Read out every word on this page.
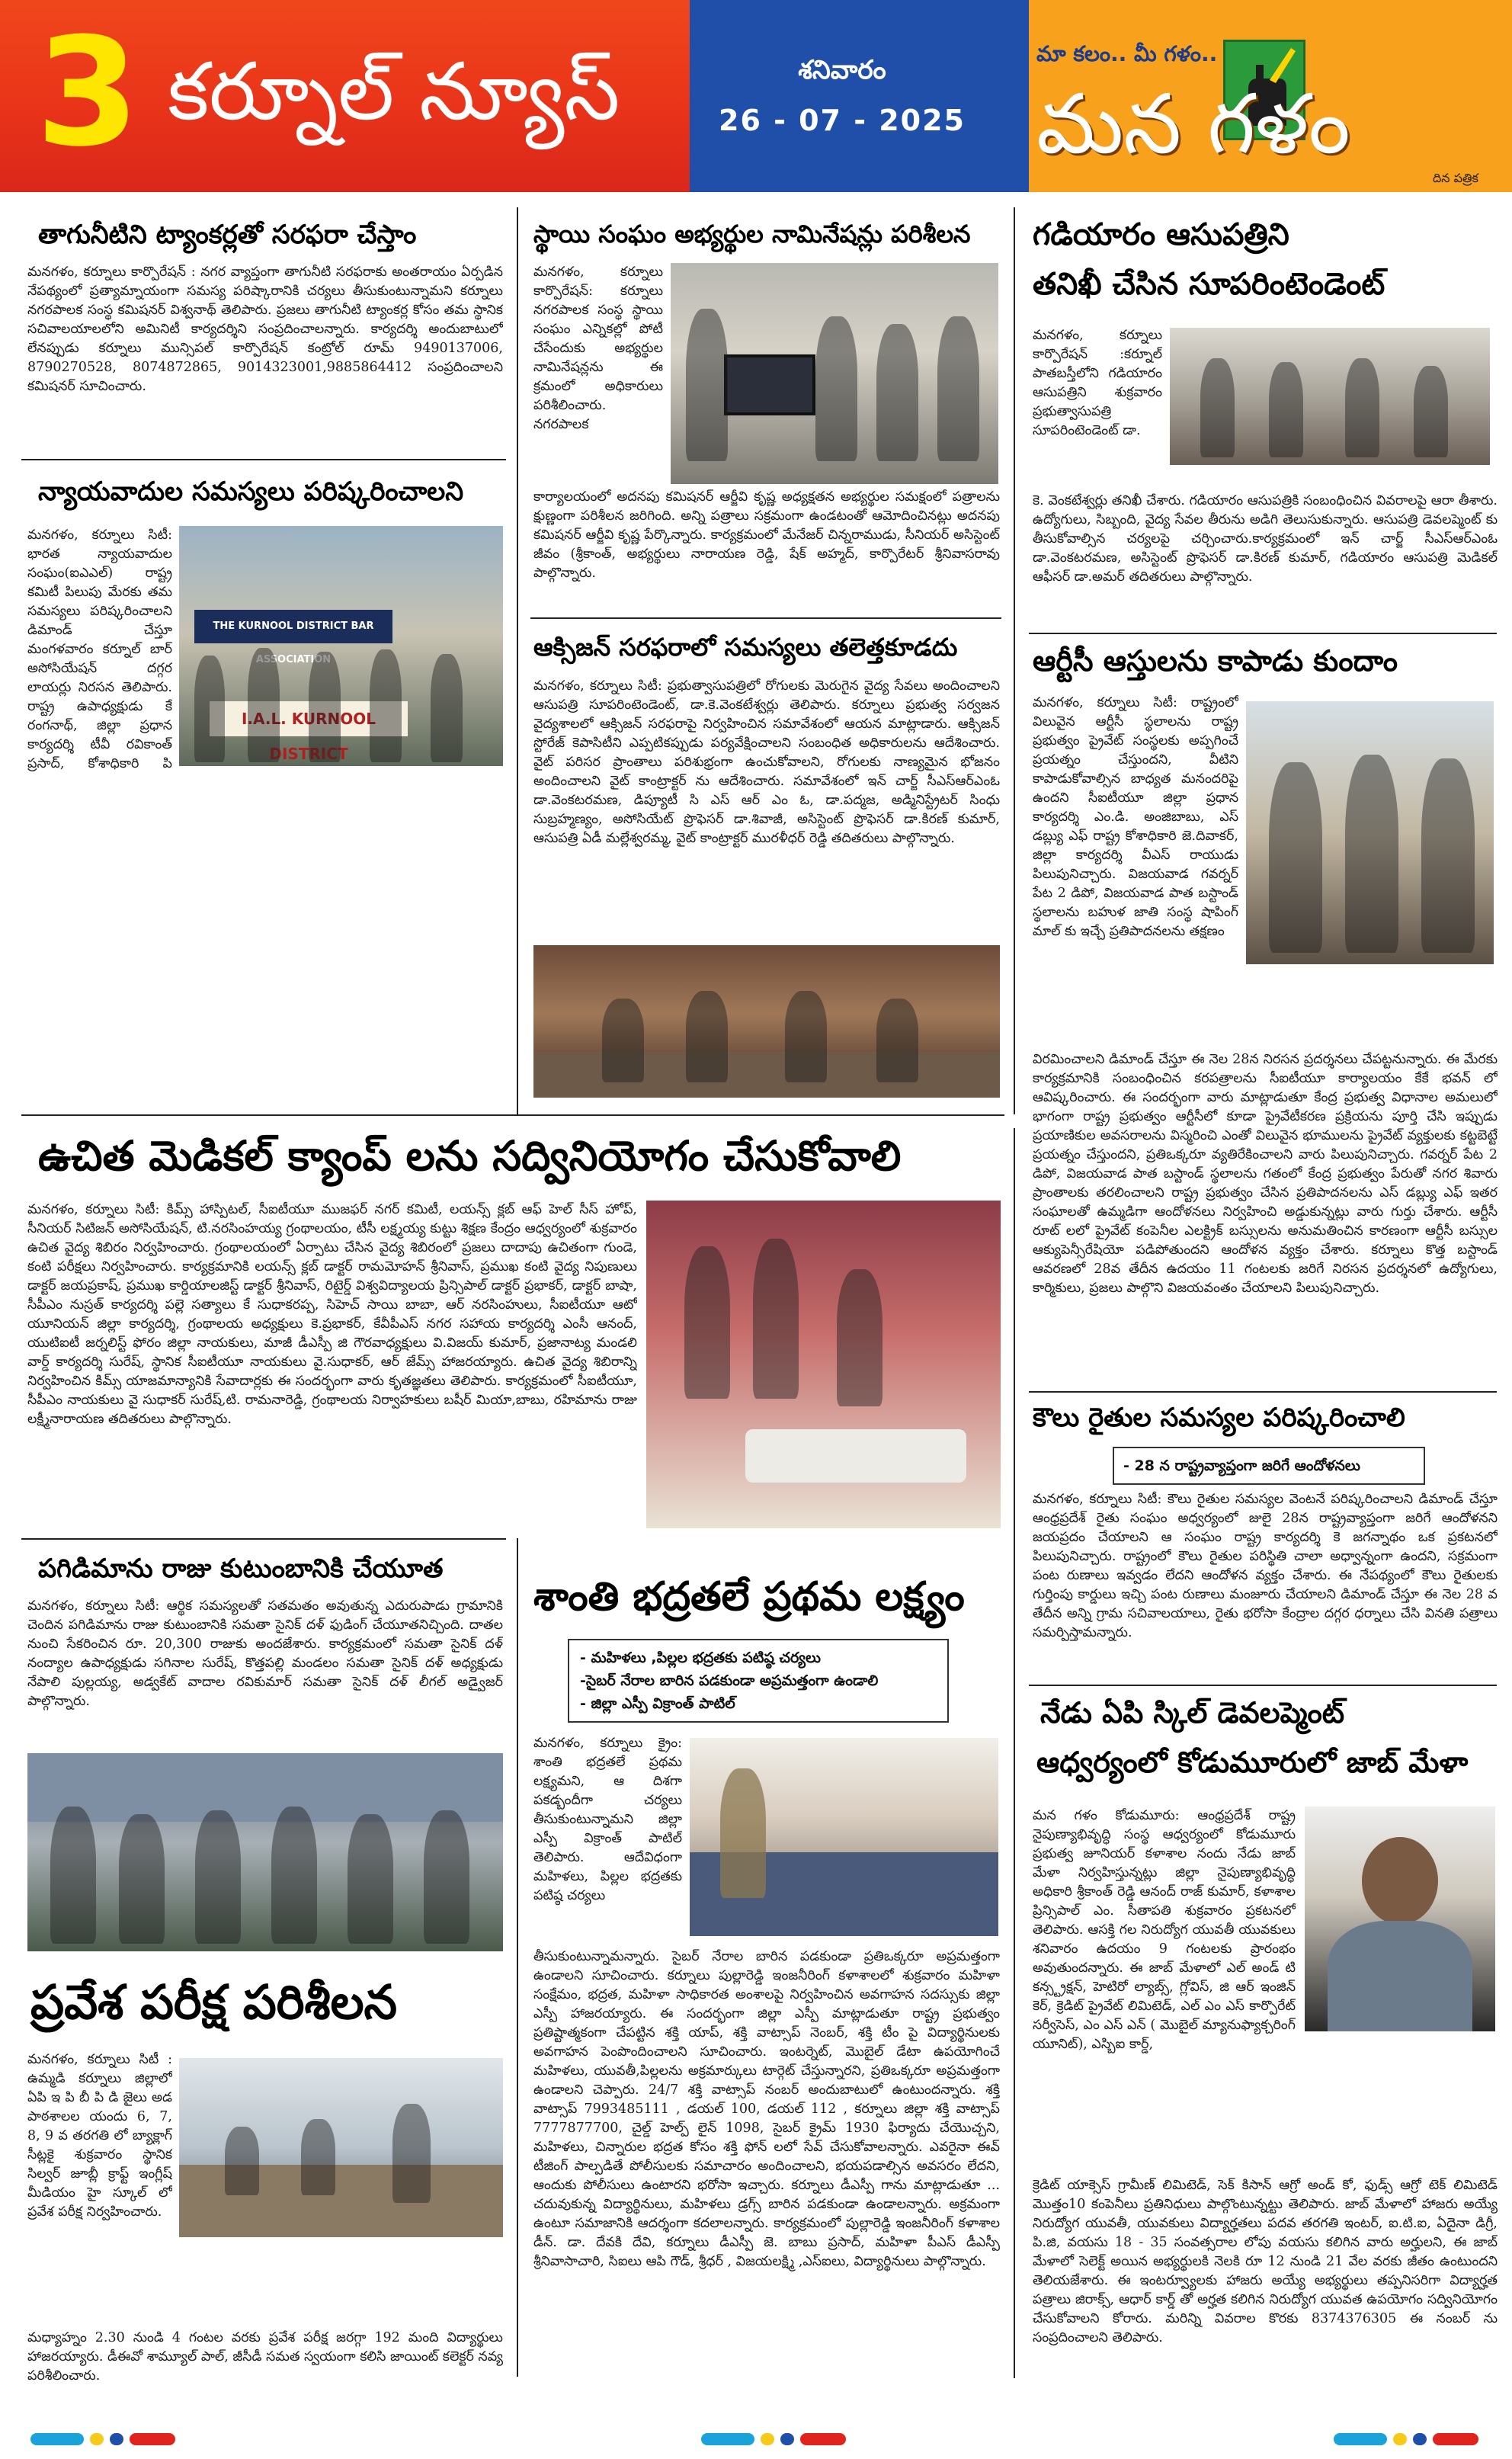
3 కర్నూల్ న్యూస్	శనివారం
26 - 07 - 2025
మా కలం.. మీ గళం..
మన గళం
దిన పత్రిక
తాగునీటిని ట్యాంకర్లతో సరఫరా చేస్తాం
మనగళం, కర్నూలు కార్పొరేషన్ : నగర వ్యాప్తంగా తాగునీటి సరఫరాకు అంతరాయం ఏర్పడిన నేపథ్యంలో ప్రత్యామ్నాయంగా సమస్య పరిష్కారానికి చర్యలు తీసుకుంటున్నామని కర్నూలు నగరపాలక సంస్థ కమిషనర్ విశ్వనాథ్ తెలిపారు. ప్రజలు తాగునీటి ట్యాంకర్ల కోసం తమ స్థానిక సచివాలయాలలోని అమినిటీ కార్యదర్శిని సంప్రదించాలన్నారు. కార్యదర్శి అందుబాటులో లేనప్పుడు కర్నూలు మున్సిపల్ కార్పొరేషన్ కంట్రోల్ రూమ్ 9490137006, 8790270528, 8074872865, 9014323001,9885864412 సంప్రదించాలని కమిషనర్ సూచించారు.
న్యాయవాదుల సమస్యలు పరిష్కరించాలని
మనగళం, కర్నూలు సిటీ: భారత న్యాయవాదుల సంఘం(ఐఎఎల్) రాష్ట్ర కమిటీ పిలుపు మేరకు తమ సమస్యలు పరిష్కరించాలని డిమాండ్ చేస్తూ మంగళవారం కర్నూల్ బార్ అసోసియేషన్ దగ్గర లాయర్లు నిరసన తెలిపారు. రాష్ట్ర ఉపాధ్యక్షుడు కే రంగనాథ్, జిల్లా ప్రధాన కార్యదర్శి టీవీ రవికాంత్ ప్రసాద్, కోశాధికారి పి
THE KURNOOL DISTRICT BAR ASSOCIATION
I.A.L. KURNOOL DISTRICT
స్థాయి సంఘం అభ్యర్థుల నామినేషన్లు పరిశీలన
మనగళం, కర్నూలు కార్పొరేషన్: కర్నూలు నగరపాలక సంస్థ స్థాయి సంఘం ఎన్నికల్లో పోటీ చేసేందుకు అభ్యర్థుల నామినేషన్లను ఈ క్రమంలో అధికారులు పరిశీలించారు. నగరపాలక
కార్యాలయంలో అదనపు కమిషనర్ ఆర్జీవి కృష్ణ అధ్యక్షతన అభ్యర్థుల సమక్షంలో పత్రాలను క్షుణ్ణంగా పరిశీలన జరిగింది. అన్ని పత్రాలు సక్రమంగా ఉండటంతో ఆమోదించినట్లు అదనపు కమిషనర్ ఆర్జీవి కృష్ణ పేర్కొన్నారు. కార్యక్రమంలో మేనేజర్ చిన్నరాముడు, సీనియర్ అసిస్టెంట్ జీవం (శ్రీకాంత్, అభ్యర్థులు నారాయణ రెడ్డి, షేక్ అహ్మద్, కార్పొరేటర్ శ్రీనివాసరావు పాల్గొన్నారు.
ఆక్సిజన్ సరఫరాలో సమస్యలు తలెత్తకూడదు
మనగళం, కర్నూలు సిటీ: ప్రభుత్వాసుపత్రిలో రోగులకు మెరుగైన వైద్య సేవలు అందించాలని ఆసుపత్రి సూపరింటెండెంట్, డా.కె.వెంకటేశ్వర్లు తెలిపారు. కర్నూలు ప్రభుత్వ సర్వజన వైద్యశాలలో ఆక్సిజన్ సరఫరాపై నిర్వహించిన సమావేశంలో ఆయన మాట్లాడారు. ఆక్సిజన్ స్టోరేజ్ కెపాసిటీని ఎప్పటికప్పుడు పర్యవేక్షించాలని సంబంధిత అధికారులను ఆదేశించారు. వైట్ పరిసర ప్రాంతాలు పరిశుభ్రంగా ఉంచుకోవాలని, రోగులకు నాణ్యమైన భోజనం అందించాలని వైట్ కాంట్రాక్టర్ ను ఆదేశించారు. సమావేశంలో ఇన్ చార్జ్ సీఎస్ఆర్ఎంఓ డా.వెంకటరమణ, డిప్యూటీ సి ఎస్ ఆర్ ఎం ఓ, డా.పద్మజ, అడ్మినిస్ట్రేటర్ సింధు సుబ్రహ్మణ్యం, అసోసియేట్ ప్రొఫెసర్ డా.శివాజీ, అసిస్టెంట్ ప్రొఫెసర్ డా.కిరణ్ కుమార్, ఆసుపత్రి ఏడీ మల్లేశ్వరమ్మ, వైట్ కాంట్రాక్టర్ మురళీధర్ రెడ్డి తదితరులు పాల్గొన్నారు.
గడియారం ఆసుపత్రిని
తనిఖీ చేసిన సూపరింటెండెంట్
మనగళం, కర్నూలు కార్పొరేషన్ :కర్నూల్ పాతబస్తీలోని గడియారం ఆసుపత్రిని శుక్రవారం ప్రభుత్వాసుపత్రి సూపరింటెండెంట్ డా.
కె. వెంకటేశ్వర్లు తనిఖీ చేశారు. గడియారం ఆసుపత్రికి సంబంధించిన వివరాలపై ఆరా తీశారు. ఉద్యోగులు, సిబ్బంది, వైద్య సేవల తీరును అడిగి తెలుసుకున్నారు. ఆసుపత్రి డెవలప్మెంట్ కు తీసుకోవాల్సిన చర్యలపై చర్చించారు.కార్యక్రమంలో ఇన్ చార్జ్ సీఎస్ఆర్ఎంఓ డా.వెంకటరమణ, అసిస్టెంట్ ప్రొఫెసర్ డా.కిరణ్ కుమార్, గడియారం ఆసుపత్రి మెడికల్ ఆఫీసర్ డా.అమర్ తదితరులు పాల్గొన్నారు.
ఆర్టీసీ ఆస్తులను కాపాడు కుందాం
మనగళం, కర్నూలు సిటీ: రాష్ట్రంలో విలువైన ఆర్టీసీ స్థలాలను రాష్ట్ర ప్రభుత్వం ప్రైవేట్ సంస్థలకు అప్పగించే ప్రయత్నం చేస్తుందని, వీటిని కాపాడుకోవాల్సిన బాధ్యత మనందరిపై ఉందని సీఐటీయూ జిల్లా ప్రధాన కార్యదర్శి ఎం.డి. అంజిబాబు, ఎస్ డబ్ల్యు ఎఫ్ రాష్ట్ర కోశాధికారి జె.దివాకర్, జిల్లా కార్యదర్శి వీఎస్ రాయుడు పిలుపునిచ్చారు. విజయవాడ గవర్నర్ పేట 2 డిపో, విజయవాడ పాత బస్టాండ్ స్థలాలను బహుళ జాతి సంస్థ షాపింగ్ మాల్ కు ఇచ్చే ప్రతిపాదనలను తక్షణం
విరమించాలని డిమాండ్ చేస్తూ ఈ నెల 28న నిరసన ప్రదర్శనలు చేపట్టనున్నారు. ఈ మేరకు కార్యక్రమానికి సంబంధించిన కరపత్రాలను సీఐటీయూ కార్యాలయం కేకే భవన్ లో ఆవిష్కరించారు. ఈ సందర్భంగా వారు మాట్లాడుతూ కేంద్ర ప్రభుత్వ విధానాల అమలులో భాగంగా రాష్ట్ర ప్రభుత్వం ఆర్టీసీలో కూడా ప్రైవేటీకరణ ప్రక్రియను పూర్తి చేసి ఇప్పుడు ప్రయాణికుల అవసరాలను విస్మరించి ఎంతో విలువైన భూములను ప్రైవేట్ వ్యక్తులకు కట్టబెట్టే ప్రయత్నం చేస్తుందని, ప్రతిఒక్కరూ వ్యతిరేకించాలని వారు పిలుపునిచ్చారు. గవర్నర్ పేట 2 డిపో, విజయవాడ పాత బస్టాండ్ స్థలాలను గతంలో కేంద్ర ప్రభుత్వం పేరుతో నగర శివారు ప్రాంతాలకు తరలించాలని రాష్ట్ర ప్రభుత్వం చేసిన ప్రతిపాదనలను ఎస్ డబ్ల్యు ఎఫ్ ఇతర సంఘాలతో ఉమ్మడిగా ఆందోళనలు నిర్వహించి అడ్డుకున్నట్లు వారు గుర్తు చేశారు. ఆర్టీసీ రూట్ లలో ప్రైవేట్ కంపెనీల ఎలక్ట్రిక్ బస్సులను అనుమతించిన కారణంగా ఆర్టీసీ బస్సుల ఆక్యుపెన్సీరేషియో పడిపోతుందని ఆందోళన వ్యక్తం చేశారు. కర్నూలు కొత్త బస్టాండ్ ఆవరణలో 28వ తేదీన ఉదయం 11 గంటలకు జరిగే నిరసన ప్రదర్శనలో ఉద్యోగులు, కార్మికులు, ప్రజలు పాల్గొని విజయవంతం చేయాలని పిలుపునిచ్చారు.
ఉచిత మెడికల్ క్యాంప్ లను సద్వినియోగం చేసుకోవాలి
మనగళం, కర్నూలు సిటీ: కిమ్స్ హాస్పిటల్, సీఐటీయూ ముజఫర్ నగర్ కమిటీ, లయన్స్ క్లబ్ ఆఫ్ హెల్ సీస్ హోప్, సీనియర్ సిటిజన్ అసోసియేషన్, టి.నరసింహయ్య గ్రంథాలయం, టీసీ లక్ష్మయ్య కుట్టు శిక్షణ కేంద్రం ఆధ్వర్యంలో శుక్రవారం ఉచిత వైద్య శిబిరం నిర్వహించారు. గ్రంథాలయంలో ఏర్పాటు చేసిన వైద్య శిబిరంలో ప్రజలు దాదాపు ఉచితంగా గుండె, కంటి పరీక్షలు నిర్వహించారు. కార్యక్రమానికి లయన్స్ క్లబ్ డాక్టర్ రామమోహన్ శ్రీనివాస్, ప్రముఖ కంటి వైద్య నిపుణులు డాక్టర్ జయప్రకాష్, ప్రముఖ కార్డియాలజిస్ట్ డాక్టర్ శ్రీనివాస్, రిటైర్డ్ విశ్వవిద్యాలయ ప్రిన్సిపాల్ డాక్టర్ ప్రభాకర్, డాక్టర్ బాషా, సీపీఎం నుస్రత్ కార్యదర్శి పల్లె సత్యాలు కే సుధాకరప్ప, సిహెచ్ సాయి బాబా, ఆర్ నరసింహులు, సీఐటీయూ ఆటో యూనియన్ జిల్లా కార్యదర్శి, గ్రంథాలయ అధ్యక్షులు కె.ప్రభాకర్, కేవీపీఎస్ నగర సహాయ కార్యదర్శి ఎంసీ ఆనంద్, యుటిఐటీ జర్నలిస్ట్ ఫోరం జిల్లా నాయకులు, మాజీ డీఎస్పీ జి గౌరవాధ్యక్షులు వి.విజయ్ కుమార్, ప్రజానాట్య మండలి వార్డ్ కార్యదర్శి సురేష్, స్థానిక సీఐటీయూ నాయకులు వై.సుధాకర్, ఆర్ జేమ్స్ హాజరయ్యారు. ఉచిత వైద్య శిబిరాన్ని నిర్వహించిన కిమ్స్ యాజమాన్యానికి సేవాదార్లకు ఈ సందర్భంగా వారు కృతజ్ఞతలు తెలిపారు. కార్యక్రమంలో సీఐటీయూ, సీపీఎం నాయకులు వై సుధాకర్ సురేష్,టి. రామనారెడ్డి, గ్రంథాలయ నిర్వాహకులు బషీర్ మియా,బాబు, రహిమాను రాజు లక్ష్మీనారాయణ తదితరులు పాల్గొన్నారు.	కౌలు రైతుల సమస్యల పరిష్కరించాలి
- 28 న రాష్ట్రవ్యాప్తంగా జరిగే ఆందోళనలు
మనగళం, కర్నూలు సిటీ: కౌలు రైతుల సమస్యల వెంటనే పరిష్కరించాలని డిమాండ్ చేస్తూ ఆంధ్రప్రదేశ్ రైతు సంఘం అధ్వర్యంలో జులై 28న రాష్ట్రవ్యాప్తంగా జరిగే ఆందోళనని జయప్రదం చేయాలని ఆ సంఘం రాష్ట్ర కార్యదర్శి కె జగన్నాథం ఒక ప్రకటనలో పిలుపునిచ్చారు. రాష్ట్రంలో కౌలు రైతుల పరిస్థితి చాలా అధ్వాన్నంగా ఉందని, సక్రమంగా పంట రుణాలు ఇవ్వడం లేదని ఆందోళన వ్యక్తం చేశారు. ఈ నేపథ్యంలో కౌలు రైతులకు గుర్తింపు కార్డులు ఇచ్చి పంట రుణాలు మంజూరు చేయాలని డిమాండ్ చేస్తూ ఈ నెల 28 వ తేదీన అన్ని గ్రామ సచివాలయాలు, రైతు భరోసా కేంద్రాల దగ్గర ధర్నాలు చేసి వినతి పత్రాలు సమర్పిస్తామన్నారు.
నేడు ఏపి స్కిల్ డెవలప్మెంట్
ఆధ్వర్యంలో కోడుమూరులో జాబ్ మేళా
మన గళం కోడుమూరు: ఆంధ్రప్రదేశ్ రాష్ట్ర నైపుణ్యాభివృద్ధి సంస్థ ఆధ్వర్యంలో కోడుమూరు ప్రభుత్వ జూనియర్ కళాశాల నందు నేడు జాబ్ మేళా నిర్వహిస్తున్నట్లు జిల్లా నైపుణ్యాభివృద్ధి అధికారి శ్రీకాంత్ రెడ్డి ఆనంద్ రాజ్ కుమార్, కళాశాల ప్రిన్సిపాల్ ఎం. సీతాపతి శుక్రవారం ప్రకటనలో తెలిపారు. ఆసక్తి గల నిరుద్యోగ యువతీ యువకులు శనివారం ఉదయం 9 గంటలకు ప్రారంభం అవుతుందన్నారు. ఈ జాబ్ మేళాలో ఎల్ అండ్ టి కన్స్ట్రక్షన్, హెటిరో ల్యాబ్స్, గ్లోవిస్, జి ఆర్ ఇంజిన్ కెర్, క్రెడిట్ ప్రైవేట్ లిమిటెడ్, ఎల్ ఎం ఎస్ కార్పొరేట్ సర్వీసెస్, ఎం ఎస్ ఎన్ ( మొబైల్ మ్యానుఫ్యాక్చరింగ్ యూనిట్), ఎస్బిఐ కార్డ్,
క్రెడిట్ యాక్సెస్ గ్రామీణ్ లిమిటెడ్, సెక్ కిసాన్ ఆగ్రో అండ్ కో, ఫుడ్స్ ఆగ్రో టెక్ లిమిటెడ్ మొత్తం10 కంపెనీలు ప్రతినిధులు పాల్గొంటున్నట్టు తెలిపారు. జాబ్ మేళాలో హాజరు అయ్యే నిరుద్యోగ యువతీ, యువకులు విద్యార్హతలు పదవ తరగతి ఇంటర్, ఐ.టి.ఐ, ఏదైనా డిగ్రీ, పి.జి, వయసు 18 - 35 సంవత్సరాల లోపు వయసు కలిగిన వారు అర్హులని, ఈ జాబ్ మేళాలో సెలెక్ట్ అయిన అభ్యర్థులకి నెలకి రూ 12 నుండి 21 వేల వరకు జీతం ఉంటుందని తెలియజేశారు. ఈ ఇంటర్వ్యూలకు హాజరు అయ్యే అభ్యర్థులు తప్పనిసరిగా విద్యార్హత పత్రాలు జిరాక్స్, ఆధార్ కార్డ్ తో అర్హత కలిగిన నిరుద్యోగ యువత ఉపయోగం సద్వినియోగం చేసుకోవాలని కోరారు. మరిన్ని వివరాల కొరకు 8374376305 ఈ నంబర్ ను సంప్రదించాలని తెలిపారు.
పగిడిమాను రాజు కుటుంబానికి చేయూత
మనగళం, కర్నూలు సిటీ: ఆర్థిక సమస్యలతో సతమతం అవుతున్న ఎదురుపాడు గ్రామానికి చెందిన పగిడిమాను రాజు కుటుంబానికి సమతా సైనిక్ దళ్ ఫుడింగ్ చేయూతనిచ్చింది. దాతల నుంచి సేకరించిన రూ. 20,300 రాజుకు అందజేశారు. కార్యక్రమంలో సమతా సైనిక్ దళ్ నంద్యాల ఉపాధ్యక్షుడు సగినాల సురేష్, కొత్తపల్లి మండలం సమతా సైనిక్ దళ్ అధ్యక్షుడు నేపాలి పుల్లయ్య, అడ్వకేట్ వాదాల రవికుమార్ సమతా సైనిక్ దళ్ లీగల్ అడ్వైజర్ పాల్గొన్నారు.
ప్రవేశ పరీక్ష పరిశీలన
మనగళం, కర్నూలు సిటీ : ఉమ్మడి కర్నూలు జిల్లాలో ఏపి ఇ పి బీ పి డి జైలు అడ పాఠశాలల యందు 6, 7, 8, 9 వ తరగతి లో బ్యాక్లాగ్ సీట్లకై శుక్రవారం స్థానిక సిల్వర్ జూబ్లీ క్రాఫ్ట్ ఇంగ్లీష్ మీడియం హై స్కూల్ లో ప్రవేశ పరీక్ష నిర్వహించారు.
మధ్యాహ్నం 2.30 నుండి 4 గంటల వరకు ప్రవేశ పరీక్ష జరగ్గా 192 మంది విద్యార్థులు హాజరయ్యారు. డీఈవో శామ్యూల్ పాల్, జీసీడీ సమత స్వయంగా కలిసి జాయింట్ కలెక్టర్ నవ్య పరిశీలించారు.
శాంతి భద్రతలే ప్రథమ లక్ష్యం
- మహిళలు ,పిల్లల భద్రతకు పటిష్ఠ చర్యలు
-సైబర్ నేరాల బారిన పడకుండా అప్రమత్తంగా ఉండాలి
- జిల్లా ఎస్పీ విక్రాంత్ పాటిల్
మనగళం, కర్నూలు క్రైం: శాంతి భద్రతలే ప్రథమ లక్ష్యమని, ఆ దిశగా పకడ్బందీగా చర్యలు తీసుకుంటున్నామని జిల్లా ఎస్పీ విక్రాంత్ పాటిల్ తెలిపారు. ఆదేవిధంగా మహిళలు, పిల్లల భద్రతకు పటిష్ఠ చర్యలు
తీసుకుంటున్నామన్నారు. సైబర్ నేరాల బారిన పడకుండా ప్రతిఒక్కరూ అప్రమత్తంగా ఉండాలని సూచించారు. కర్నూలు పుల్లారెడ్డి ఇంజనీరింగ్ కళాశాలలో శుక్రవారం మహిళా సంక్షేమం, భద్రత, మహిళా సాధికారత అంశాలపై నిర్వహించిన అవగాహన సదస్సుకు జిల్లా ఎస్పీ హాజరయ్యారు. ఈ సందర్భంగా జిల్లా ఎస్పీ మాట్లాడుతూ రాష్ట్ర ప్రభుత్వం ప్రతిష్టాత్మకంగా చేపట్టిన శక్తి యాప్, శక్తి వాట్సాప్ నెంబర్, శక్తి టీం పై విద్యార్థినులకు అవగాహన పెంపొందించాలని సూచించారు. ఇంటర్నెట్, మొబైల్ డేటా ఉపయోగించే మహిళలు, యువతీ,పిల్లలను అక్రమార్కులు టార్గెట్ చేస్తున్నారని, ప్రతిఒక్కరూ అప్రమత్తంగా ఉండాలని చెప్పారు. 24/7 శక్తి వాట్సాప్ నంబర్ అందుబాటులో ఉంటుందన్నారు. శక్తి వాట్సాప్ 7993485111 , డయల్ 100, డయల్ 112 , కర్నూలు జిల్లా శక్తి వాట్సాప్ 7777877700, చైల్డ్ హెల్ప్ లైన్ 1098, సైబర్ క్రైమ్ 1930 ఫిర్యాదు చేయొచ్చని, మహిళలు, చిన్నారుల భద్రత కోసం శక్తి ఫోన్ లలో సేవ్ చేసుకోవాలన్నారు. ఎవరైనా ఈవ్ టీజింగ్ పాల్పడితే పోలీసులకు సమాచారం అందించాలని, భయపడాల్సిన అవసరం లేదని, ఆందుకు పోలీసులు ఉంటారని భరోసా ఇచ్చారు. కర్నూలు డీఎస్పీ గాను మాట్లాడుతూ ... చదువుకున్న విద్యార్థినులు, మహిళలు డ్రగ్స్ బారిన పడకుండా ఉండాలన్నారు. అక్రమంగా ఉంటూ సమాజానికి ఆదర్శంగా కదలాలన్నారు. కార్యక్రమంలో పుల్లారెడ్డి ఇంజనీరింగ్ కళాశాల డీన్. డా. దేవకి దేవి, కర్నూలు డీఎస్పీ జె. బాబు ప్రసాద్, మహిళా పీఎస్ డీఎస్పీ శ్రీనివాసాచారి, సిఐలు ఆపి గౌడ్, శ్రీధర్ , విజయలక్ష్మి ,ఎస్ఐలు, విద్యార్థినులు పాల్గొన్నారు.
